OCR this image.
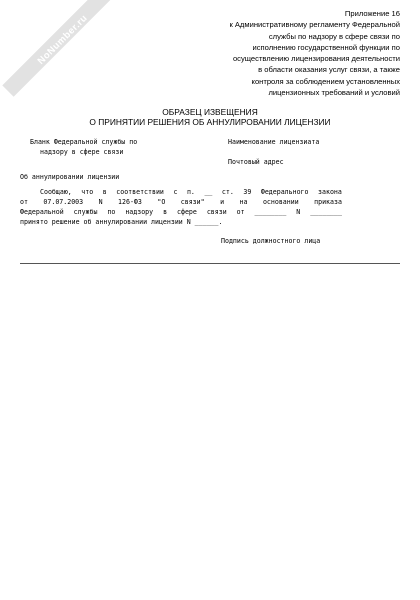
NoNumber.ru	Приложение 16
к Административному регламенту Федеральной
службы по надзору в сфере связи по
исполнению государственной функции по
осуществлению лицензирования деятельности
в области оказания услуг связи, а также
контроля за соблюдением установленных
лицензионных требований и условий
ОБРАЗЕЦ ИЗВЕЩЕНИЯ
О ПРИНЯТИИ РЕШЕНИЯ ОБ АННУЛИРОВАНИИ ЛИЦЕНЗИИ
Бланк Федеральной службы по
надзору в сфере связи
Наименование лицензиата
Почтовый адрес
Об аннулировании лицензии
Сообщаю, что в соответствии с п. __ ст. 39 Федерального закона
от 07.07.2003 N 126-ФЗ "О связи" и на основании приказа
Федеральной службы по надзору в сфере связи от ________ N ________
принято решение об аннулировании лицензии N ______.
Подпись должностного лица
